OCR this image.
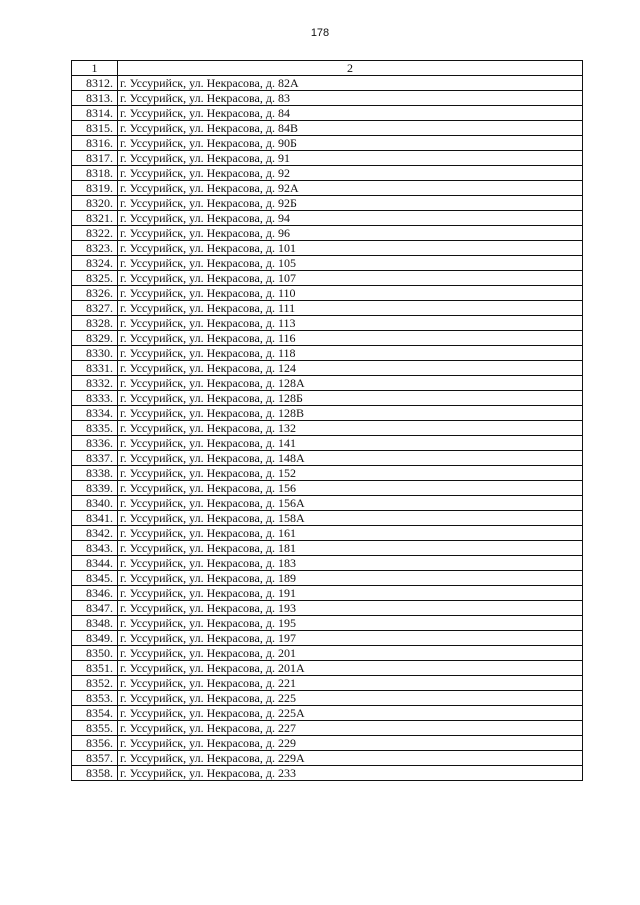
178
1	2
8312.	г. Уссурийск, ул. Некрасова, д. 82А
8313.	г. Уссурийск, ул. Некрасова, д. 83
8314.	г. Уссурийск, ул. Некрасова, д. 84
8315.	г. Уссурийск, ул. Некрасова, д. 84В
8316.	г. Уссурийск, ул. Некрасова, д. 90Б
8317.	г. Уссурийск, ул. Некрасова, д. 91
8318.	г. Уссурийск, ул. Некрасова, д. 92
8319.	г. Уссурийск, ул. Некрасова, д. 92А
8320.	г. Уссурийск, ул. Некрасова, д. 92Б
8321.	г. Уссурийск, ул. Некрасова, д. 94
8322.	г. Уссурийск, ул. Некрасова, д. 96
8323.	г. Уссурийск, ул. Некрасова, д. 101
8324.	г. Уссурийск, ул. Некрасова, д. 105
8325.	г. Уссурийск, ул. Некрасова, д. 107
8326.	г. Уссурийск, ул. Некрасова, д. 110
8327.	г. Уссурийск, ул. Некрасова, д. 111
8328.	г. Уссурийск, ул. Некрасова, д. 113
8329.	г. Уссурийск, ул. Некрасова, д. 116
8330.	г. Уссурийск, ул. Некрасова, д. 118
8331.	г. Уссурийск, ул. Некрасова, д. 124
8332.	г. Уссурийск, ул. Некрасова, д. 128А
8333.	г. Уссурийск, ул. Некрасова, д. 128Б
8334.	г. Уссурийск, ул. Некрасова, д. 128В
8335.	г. Уссурийск, ул. Некрасова, д. 132
8336.	г. Уссурийск, ул. Некрасова, д. 141
8337.	г. Уссурийск, ул. Некрасова, д. 148А
8338.	г. Уссурийск, ул. Некрасова, д. 152
8339.	г. Уссурийск, ул. Некрасова, д. 156
8340.	г. Уссурийск, ул. Некрасова, д. 156А
8341.	г. Уссурийск, ул. Некрасова, д. 158А
8342.	г. Уссурийск, ул. Некрасова, д. 161
8343.	г. Уссурийск, ул. Некрасова, д. 181
8344.	г. Уссурийск, ул. Некрасова, д. 183
8345.	г. Уссурийск, ул. Некрасова, д. 189
8346.	г. Уссурийск, ул. Некрасова, д. 191
8347.	г. Уссурийск, ул. Некрасова, д. 193
8348.	г. Уссурийск, ул. Некрасова, д. 195
8349.	г. Уссурийск, ул. Некрасова, д. 197
8350.	г. Уссурийск, ул. Некрасова, д. 201
8351.	г. Уссурийск, ул. Некрасова, д. 201А
8352.	г. Уссурийск, ул. Некрасова, д. 221
8353.	г. Уссурийск, ул. Некрасова, д. 225
8354.	г. Уссурийск, ул. Некрасова, д. 225А
8355.	г. Уссурийск, ул. Некрасова, д. 227
8356.	г. Уссурийск, ул. Некрасова, д. 229
8357.	г. Уссурийск, ул. Некрасова, д. 229А
8358.	г. Уссурийск, ул. Некрасова, д. 233
